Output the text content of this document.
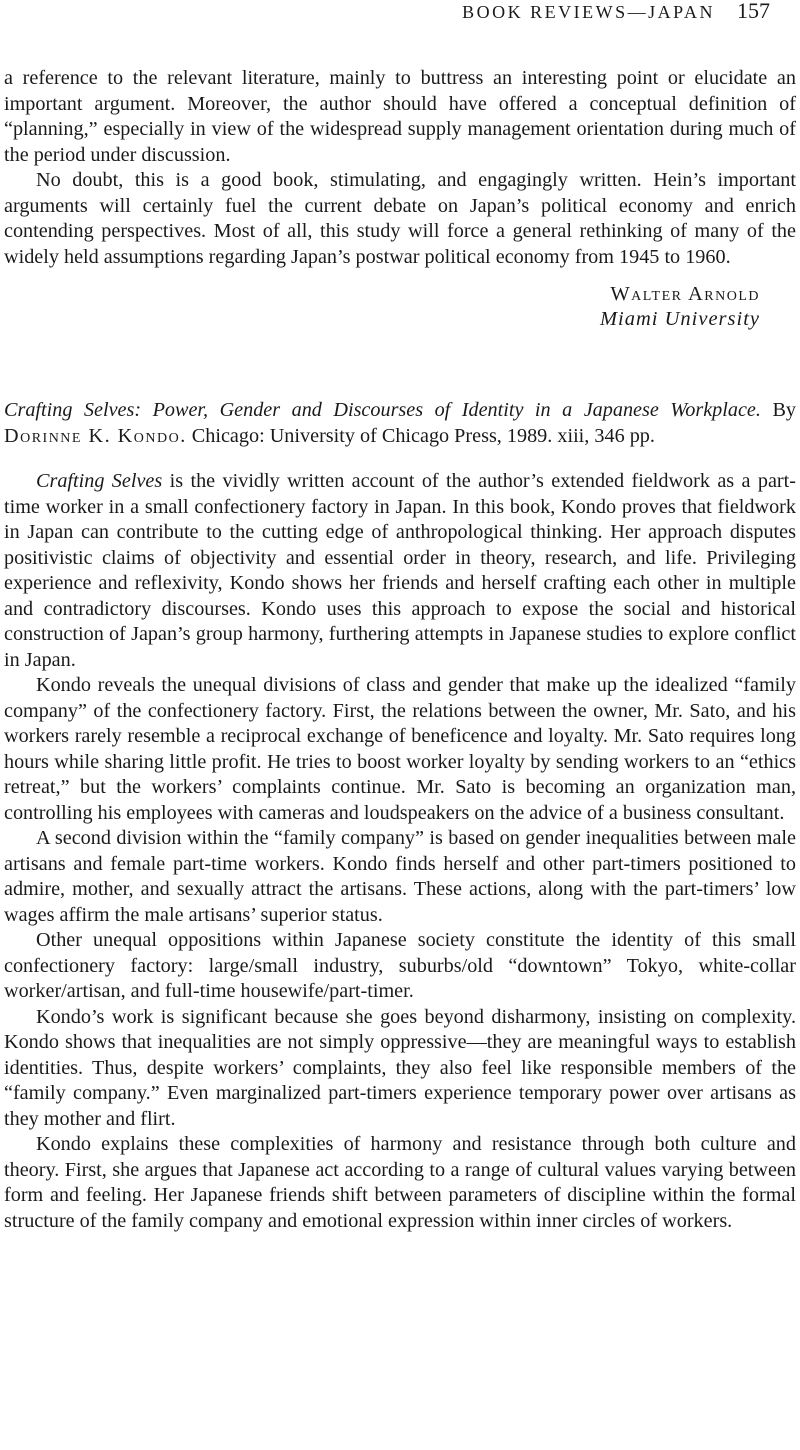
BOOK REVIEWS—JAPAN 157

a reference to the relevant literature, mainly to buttress an interesting point or elucidate an important argument. Moreover, the author should have offered a conceptual definition of “planning,” especially in view of the widespread supply management orientation during much of the period under discussion.

No doubt, this is a good book, stimulating, and engagingly written. Hein’s important arguments will certainly fuel the current debate on Japan’s political economy and enrich contending perspectives. Most of all, this study will force a general rethinking of many of the widely held assumptions regarding Japan’s postwar political economy from 1945 to 1960.

Walter Arnold
Miami University

Crafting Selves: Power, Gender and Discourses of Identity in a Japanese Workplace. By Dorinne K. Kondo. Chicago: University of Chicago Press, 1989. xiii, 346 pp.

Crafting Selves is the vividly written account of the author’s extended fieldwork as a part-time worker in a small confectionery factory in Japan. In this book, Kondo proves that fieldwork in Japan can contribute to the cutting edge of anthropological thinking. Her approach disputes positivistic claims of objectivity and essential order in theory, research, and life. Privileging experience and reflexivity, Kondo shows her friends and herself crafting each other in multiple and contradictory discourses. Kondo uses this approach to expose the social and historical construction of Japan’s group harmony, furthering attempts in Japanese studies to explore conflict in Japan.

Kondo reveals the unequal divisions of class and gender that make up the idealized “family company” of the confectionery factory. First, the relations between the owner, Mr. Sato, and his workers rarely resemble a reciprocal exchange of beneficence and loyalty. Mr. Sato requires long hours while sharing little profit. He tries to boost worker loyalty by sending workers to an “ethics retreat,” but the workers’ complaints continue. Mr. Sato is becoming an organization man, controlling his employees with cameras and loudspeakers on the advice of a business consultant.

A second division within the “family company” is based on gender inequalities between male artisans and female part-time workers. Kondo finds herself and other part-timers positioned to admire, mother, and sexually attract the artisans. These actions, along with the part-timers’ low wages affirm the male artisans’ superior status.

Other unequal oppositions within Japanese society constitute the identity of this small confectionery factory: large/small industry, suburbs/old “downtown” Tokyo, white-collar worker/artisan, and full-time housewife/part-timer.

Kondo’s work is significant because she goes beyond disharmony, insisting on complexity. Kondo shows that inequalities are not simply oppressive—they are meaningful ways to establish identities. Thus, despite workers’ complaints, they also feel like responsible members of the “family company.” Even marginalized part-timers experience temporary power over artisans as they mother and flirt.

Kondo explains these complexities of harmony and resistance through both culture and theory. First, she argues that Japanese act according to a range of cultural values varying between form and feeling. Her Japanese friends shift between parameters of discipline within the formal structure of the family company and emotional expression within inner circles of workers.
